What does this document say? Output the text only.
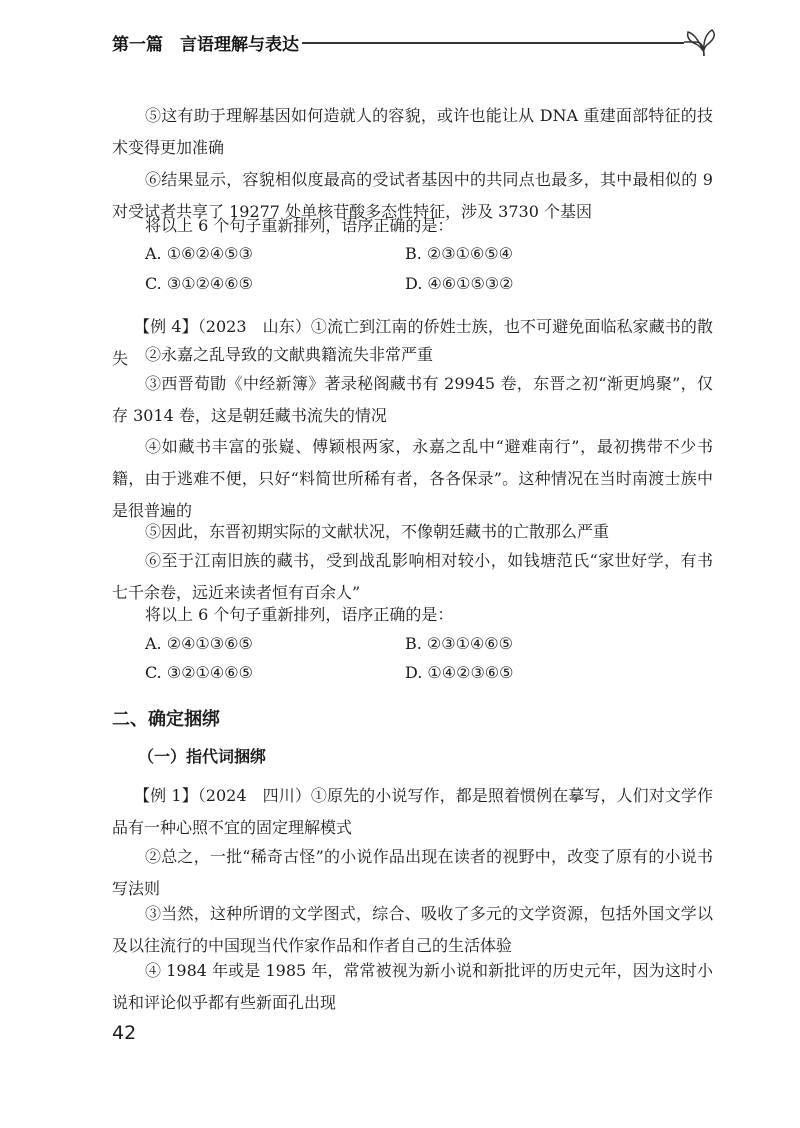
第一篇　言语理解与表达
⑤这有助于理解基因如何造就人的容貌，或许也能让从 DNA 重建面部特征的技术变得更加准确
⑥结果显示，容貌相似度最高的受试者基因中的共同点也最多，其中最相似的 9 对受试者共享了 19277 处单核苷酸多态性特征，涉及 3730 个基因
将以上 6 个句子重新排列，语序正确的是：
A. ①⑥②④⑤③	B. ②③①⑥⑤④
C. ③①②④⑥⑤	D. ④⑥①⑤③②
【例 4】（2023　山东）①流亡到江南的侨姓士族，也不可避免面临私家藏书的散失	②永嘉之乱导致的文献典籍流失非常严重
③西晋荀勖《中经新簿》著录秘阁藏书有 29945 卷，东晋之初“渐更鸠聚”，仅存 3014 卷，这是朝廷藏书流失的情况
④如藏书丰富的张嶷、傅颖根两家，永嘉之乱中“避难南行”，最初携带不少书籍，由于逃难不便，只好“料简世所稀有者，各各保录”。这种情况在当时南渡士族中是很普遍的
⑤因此，东晋初期实际的文献状况，不像朝廷藏书的亡散那么严重
⑥至于江南旧族的藏书，受到战乱影响相对较小，如钱塘范氏“家世好学，有书七千余卷，远近来读者恒有百余人”
将以上 6 个句子重新排列，语序正确的是：
A. ②④①③⑥⑤	B. ②③①④⑥⑤
C. ③②①④⑥⑤	D. ①④②③⑥⑤
二、确定捆绑
（一）指代词捆绑
【例 1】（2024　四川）①原先的小说写作，都是照着惯例在摹写，人们对文学作品有一种心照不宜的固定理解模式
②总之，一批“稀奇古怪”的小说作品出现在读者的视野中，改变了原有的小说书写法则
③当然，这种所谓的文学图式，综合、吸收了多元的文学资源，包括外国文学以及以往流行的中国现当代作家作品和作者自己的生活体验
④ 1984 年或是 1985 年，常常被视为新小说和新批评的历史元年，因为这时小说和评论似乎都有些新面孔出现
42
